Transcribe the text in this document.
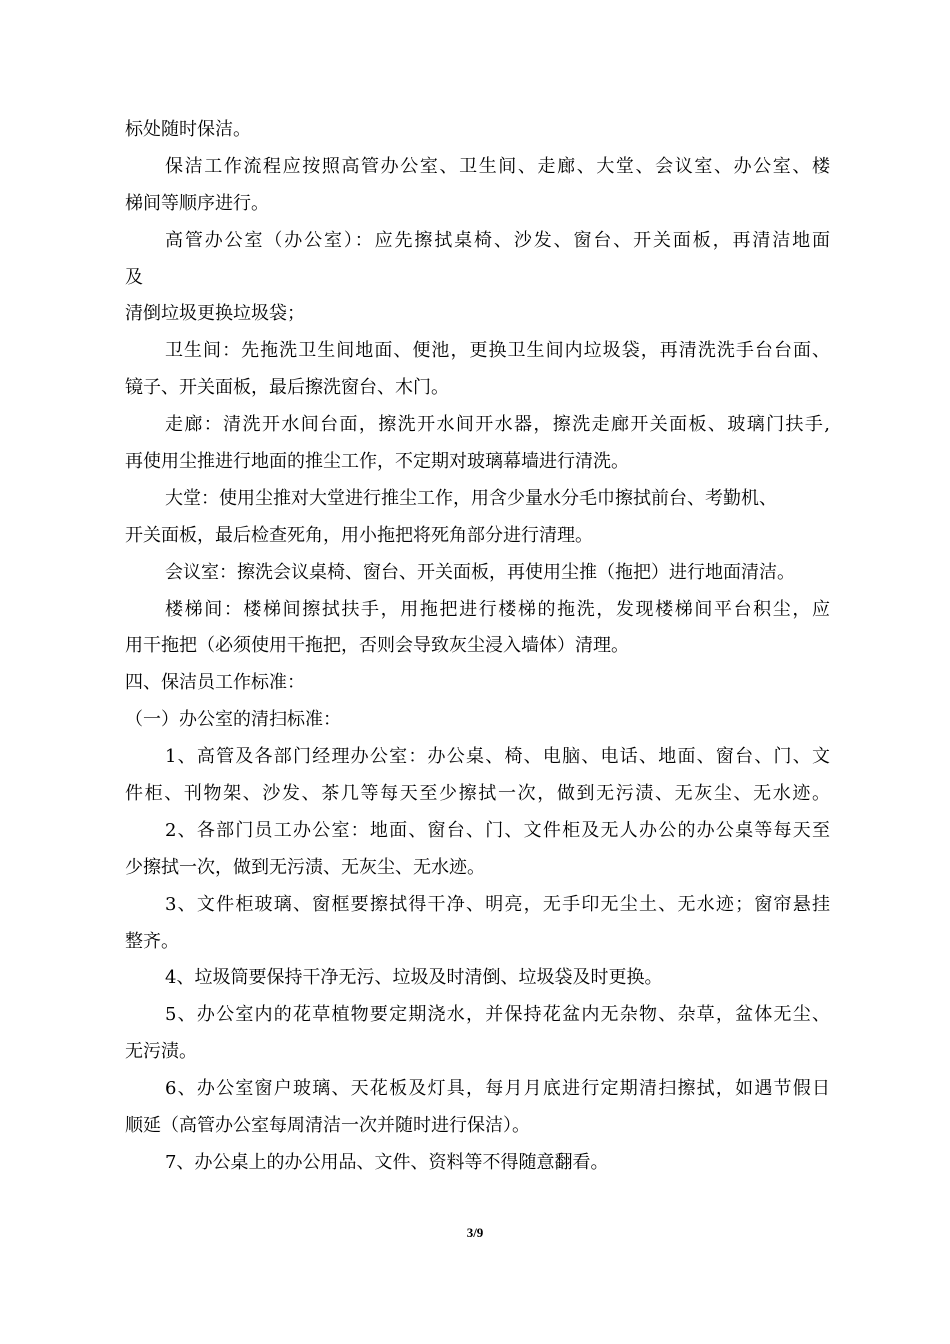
标处随时保洁。
保洁工作流程应按照高管办公室、卫生间、走廊、大堂、会议室、办公室、楼
梯间等顺序进行。
高管办公室（办公室）：应先擦拭桌椅、沙发、窗台、开关面板，再清洁地面
及
清倒垃圾更换垃圾袋；
卫生间：先拖洗卫生间地面、便池，更换卫生间内垃圾袋，再清洗洗手台台面、
镜子、开关面板，最后擦洗窗台、木门。
走廊：清洗开水间台面，擦洗开水间开水器，擦洗走廊开关面板、玻璃门扶手,
再使用尘推进行地面的推尘工作，不定期对玻璃幕墙进行清洗。
大堂：使用尘推对大堂进行推尘工作，用含少量水分毛巾擦拭前台、考勤机、
开关面板，最后检查死角，用小拖把将死角部分进行清理。
会议室：擦洗会议桌椅、窗台、开关面板，再使用尘推（拖把）进行地面清洁。
楼梯间：楼梯间擦拭扶手，用拖把进行楼梯的拖洗，发现楼梯间平台积尘，应
用干拖把（必须使用干拖把，否则会导致灰尘浸入墙体）清理。
四、保洁员工作标准：
（一）办公室的清扫标准：
1、高管及各部门经理办公室：办公桌、椅、电脑、电话、地面、窗台、门、文
件柜、刊物架、沙发、茶几等每天至少擦拭一次，做到无污渍、无灰尘、无水迹。
2、各部门员工办公室：地面、窗台、门、文件柜及无人办公的办公桌等每天至
少擦拭一次，做到无污渍、无灰尘、无水迹。
3、文件柜玻璃、窗框要擦拭得干净、明亮，无手印无尘土、无水迹；窗帘悬挂
整齐。
4、垃圾筒要保持干净无污、垃圾及时清倒、垃圾袋及时更换。
5、办公室内的花草植物要定期浇水，并保持花盆内无杂物、杂草，盆体无尘、
无污渍。
6、办公室窗户玻璃、天花板及灯具，每月月底进行定期清扫擦拭，如遇节假日
顺延（高管办公室每周清洁一次并随时进行保洁）。
7、办公桌上的办公用品、文件、资料等不得随意翻看。
3/9
